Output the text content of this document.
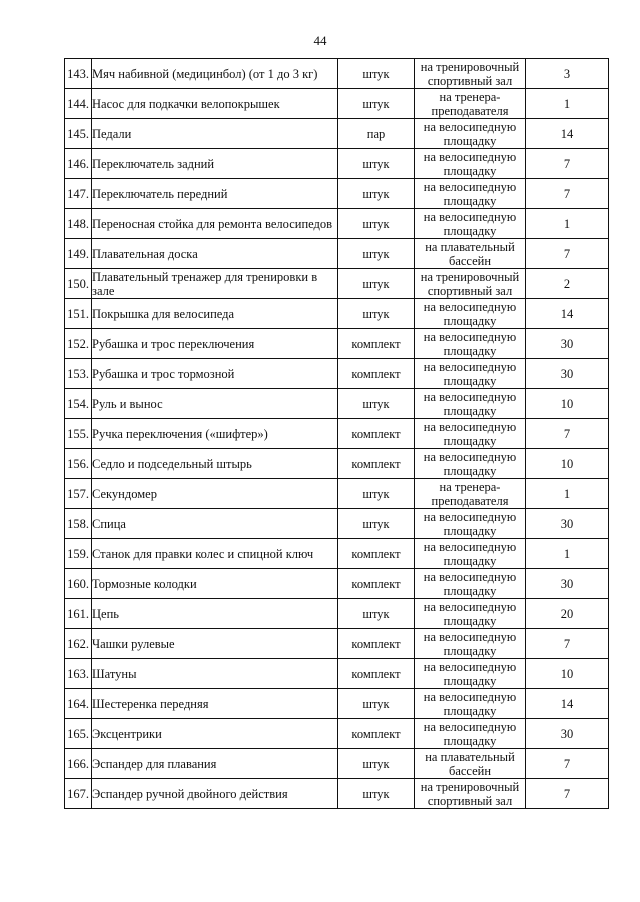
44
143.	Мяч набивной (медицинбол) (от 1 до 3 кг)	штук	на тренировочный спортивный зал	3
144.	Насос для подкачки велопокрышек	штук	на тренера-преподавателя	1
145.	Педали	пар	на велосипедную площадку	14
146.	Переключатель задний	штук	на велосипедную площадку	7
147.	Переключатель передний	штук	на велосипедную площадку	7
148.	Переносная стойка для ремонта велосипедов	штук	на велосипедную площадку	1
149.	Плавательная доска	штук	на плавательный бассейн	7
150.	Плавательный тренажер для тренировки в зале	штук	на тренировочный спортивный зал	2
151.	Покрышка для велосипеда	штук	на велосипедную площадку	14
152.	Рубашка и трос переключения	комплект	на велосипедную площадку	30
153.	Рубашка и трос тормозной	комплект	на велосипедную площадку	30
154.	Руль и вынос	штук	на велосипедную площадку	10
155.	Ручка переключения («шифтер»)	комплект	на велосипедную площадку	7
156.	Седло и подседельный штырь	комплект	на велосипедную площадку	10
157.	Секундомер	штук	на тренера-преподавателя	1
158.	Спица	штук	на велосипедную площадку	30
159.	Станок для правки колес и спицной ключ	комплект	на велосипедную площадку	1
160.	Тормозные колодки	комплект	на велосипедную площадку	30
161.	Цепь	штук	на велосипедную площадку	20
162.	Чашки рулевые	комплект	на велосипедную площадку	7
163.	Шатуны	комплект	на велосипедную площадку	10
164.	Шестеренка передняя	штук	на велосипедную площадку	14
165.	Эксцентрики	комплект	на велосипедную площадку	30
166.	Эспандер для плавания	штук	на плавательный бассейн	7
167.	Эспандер ручной двойного действия	штук	на тренировочный спортивный зал	7
